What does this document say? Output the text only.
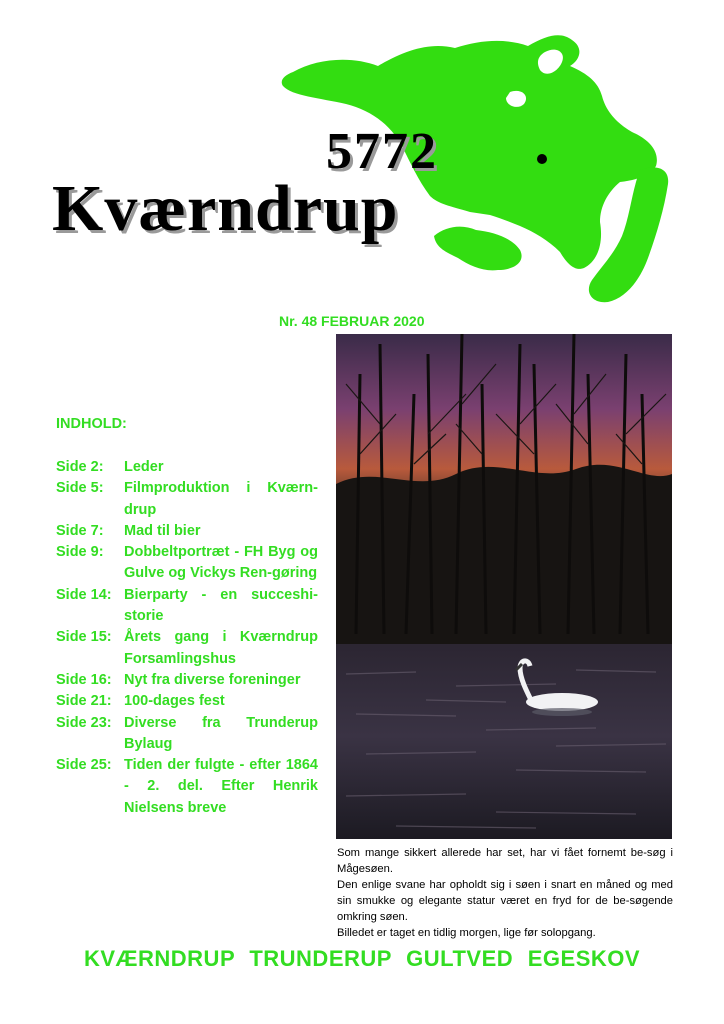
5772
Kværndrup
Nr. 48 FEBRUAR 2020

Som mange sikkert allerede har set, har vi fået fornemt be-søg i Mågesøen.

Den enlige svane har opholdt sig i søen i snart en måned og med sin smukke og elegante statur været en fryd for de be-søgende omkring søen.

Billedet er taget en tidlig morgen, lige før solopgang.

INDHOLD:
Side 2:	Leder
Side 5:	Filmproduktion i Kværn-drup
Side 7:	Mad til bier
Side 9:	Dobbeltportræt - FH Byg og Gulve og Vickys Ren-gøring
Side 14: Bierparty - en succeshi-storie
Side 15: Årets gang i Kværndrup Forsamlingshus
Side 16: Nyt fra diverse foreninger
Side 21: 100-dages fest
Side 23: Diverse fra Trunderup Bylaug
Side 25: Tiden der fulgte - efter 1864 - 2. del. Efter Henrik Nielsens breve
KVÆRNDRUP TRUNDERUP GULTVED EGESKOV
